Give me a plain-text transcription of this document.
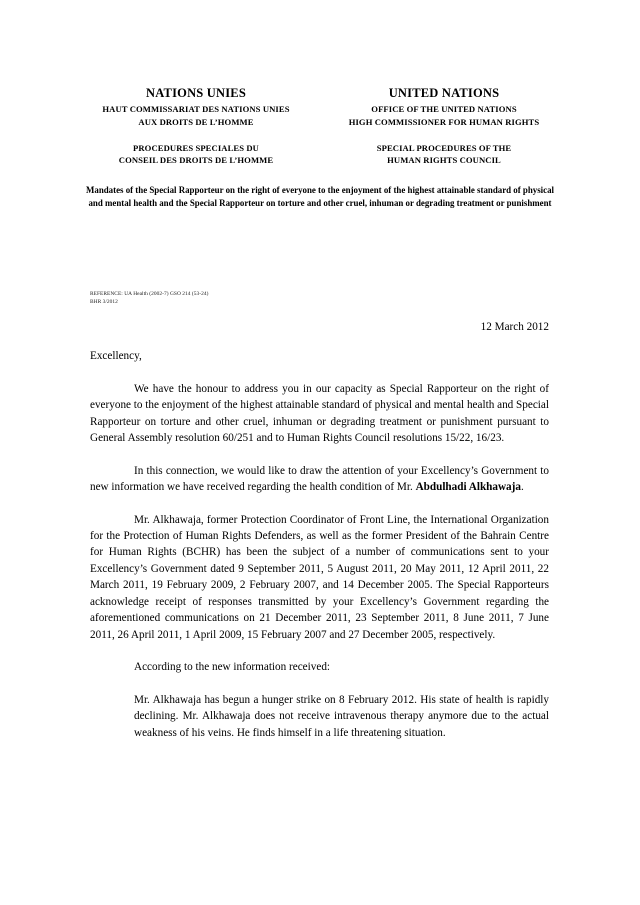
NATIONS UNIES
HAUT COMMISSARIAT DES NATIONS UNIES
AUX DROITS DE L’HOMME
UNITED NATIONS
OFFICE OF THE UNITED NATIONS
HIGH COMMISSIONER FOR HUMAN RIGHTS
PROCEDURES SPECIALES DU
CONSEIL DES DROITS DE L’HOMME
SPECIAL PROCEDURES OF THE
HUMAN RIGHTS COUNCIL
Mandates of the Special Rapporteur on the right of everyone to the enjoyment of the highest attainable standard of physical and mental health and the Special Rapporteur on torture and other cruel, inhuman or degrading treatment or punishment
REFERENCE: UA Health (2002-7) GSO 214 (53-24)
BHR 3/2012
12 March 2012
Excellency,

We have the honour to address you in our capacity as Special Rapporteur on the right of everyone to the enjoyment of the highest attainable standard of physical and mental health and Special Rapporteur on torture and other cruel, inhuman or degrading treatment or punishment pursuant to General Assembly resolution 60/251 and to Human Rights Council resolutions 15/22, 16/23.

In this connection, we would like to draw the attention of your Excellency’s Government to new information we have received regarding the health condition of Mr. Abdulhadi Alkhawaja.

Mr. Alkhawaja, former Protection Coordinator of Front Line, the International Organization for the Protection of Human Rights Defenders, as well as the former President of the Bahrain Centre for Human Rights (BCHR) has been the subject of a number of communications sent to your Excellency’s Government dated 9 September 2011, 5 August 2011, 20 May 2011, 12 April 2011, 22 March 2011, 19 February 2009, 2 February 2007, and 14 December 2005. The Special Rapporteurs acknowledge receipt of responses transmitted by your Excellency’s Government regarding the aforementioned communications on 21 December 2011, 23 September 2011, 8 June 2011, 7 June 2011, 26 April 2011, 1 April 2009, 15 February 2007 and 27 December 2005, respectively.

According to the new information received:

Mr. Alkhawaja has begun a hunger strike on 8 February 2012. His state of health is rapidly declining. Mr. Alkhawaja does not receive intravenous therapy anymore due to the actual weakness of his veins. He finds himself in a life threatening situation.
